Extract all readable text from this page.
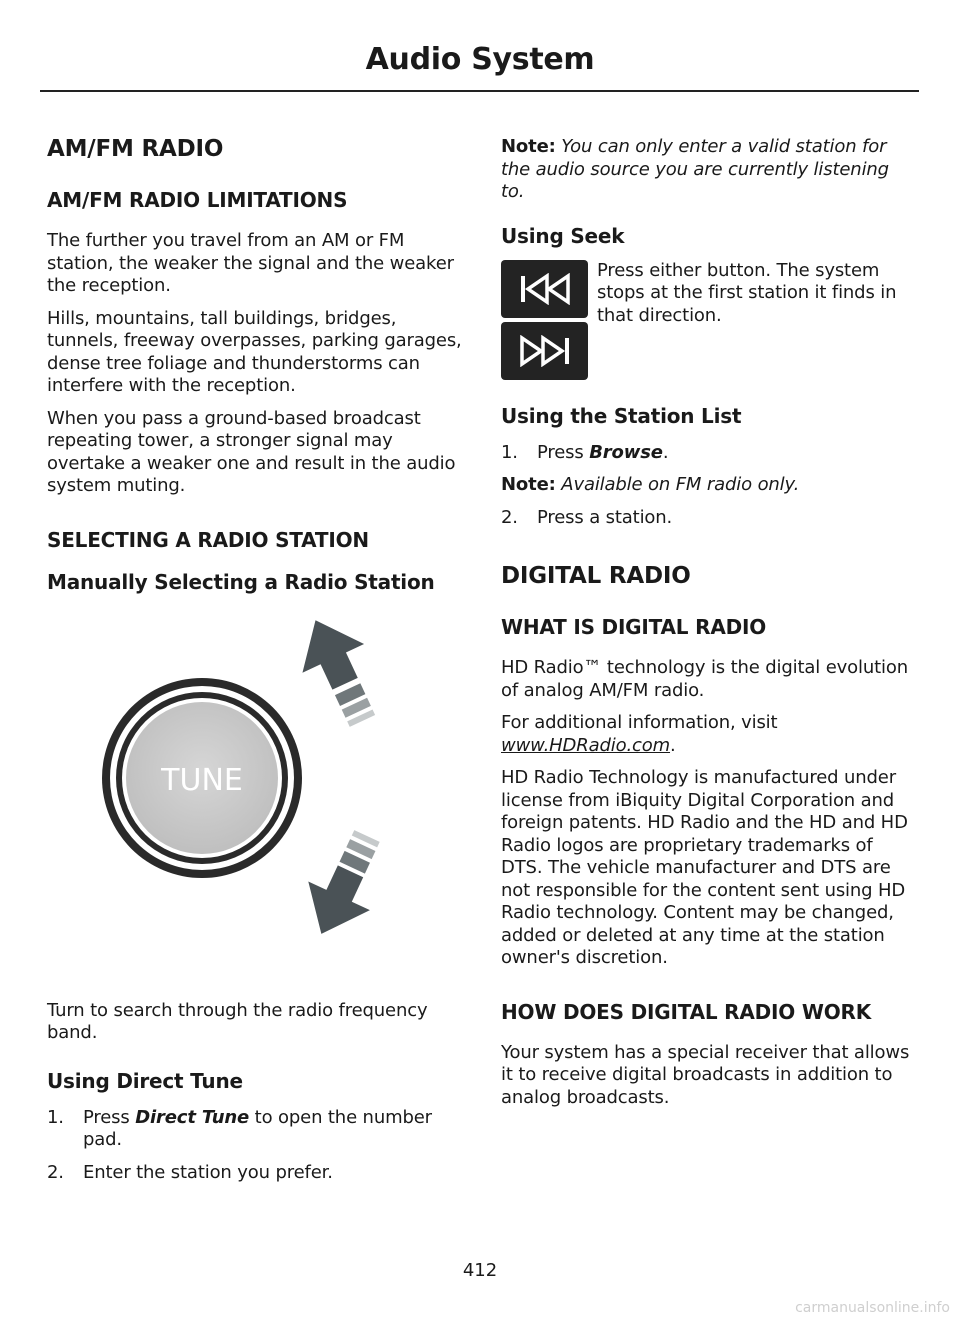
Audio System
AM/FM RADIO
AM/FM RADIO LIMITATIONS

The further you travel from an AM or FM station, the weaker the signal and the weaker the reception.

Hills, mountains, tall buildings, bridges, tunnels, freeway overpasses, parking garages, dense tree foliage and thunderstorms can interfere with the reception.

When you pass a ground-based broadcast repeating tower, a stronger signal may overtake a weaker one and result in the audio system muting.

SELECTING A RADIO STATION
Manually Selecting a Radio Station
TUNE

Turn to search through the radio frequency band.

Using Direct Tune
1. Press Direct Tune to open the number pad.
2. Enter the station you prefer.

Note: You can only enter a valid station for the audio source you are currently listening to.

Using Seek
Press either button. The system stops at the first station it finds in that direction.
Using the Station List
1. Press Browse.

Note: Available on FM radio only.

2. Press a station.
DIGITAL RADIO
WHAT IS DIGITAL RADIO

HD Radio™ technology is the digital evolution of analog AM/FM radio.

For additional information, visit www.HDRadio.com.

HD Radio Technology is manufactured under license from iBiquity Digital Corporation and foreign patents. HD Radio and the HD and HD Radio logos are proprietary trademarks of DTS. The vehicle manufacturer and DTS are not responsible for the content sent using HD Radio technology. Content may be changed, added or deleted at any time at the station owner's discretion.

HOW DOES DIGITAL RADIO WORK

Your system has a special receiver that allows it to receive digital broadcasts in addition to analog broadcasts.

412
carmanualsonline.info
